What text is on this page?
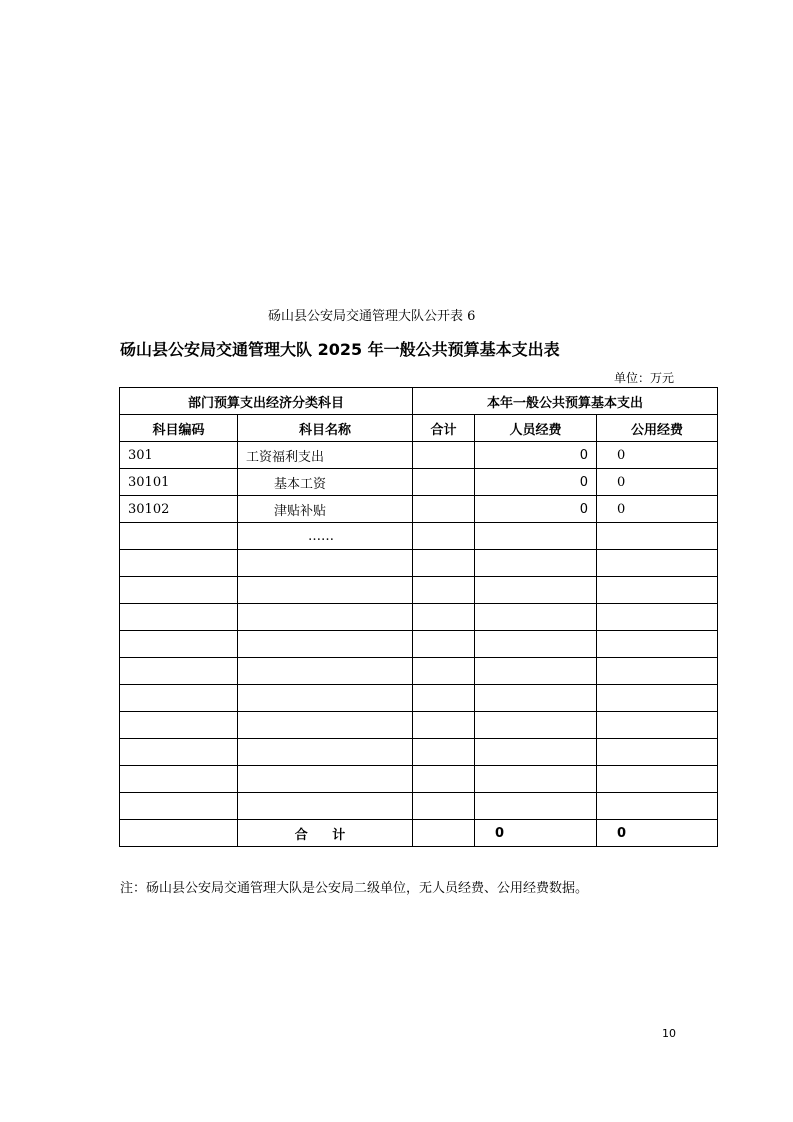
砀山县公安局交通管理大队公开表 6
砀山县公安局交通管理大队 2025 年一般公共预算基本支出表
单位：万元
部门预算支出经济分类科目		本年一般公共预算基本支出		
科目编码	科目名称	合计	人员经费	公用经费
301	工资福利支出		0	0
30101	基本工资		0	0
30102	津贴补贴		0	0
	……			

	合 计		0	0
注：砀山县公安局交通管理大队是公安局二级单位，无人员经费、公用经费数据。
10
